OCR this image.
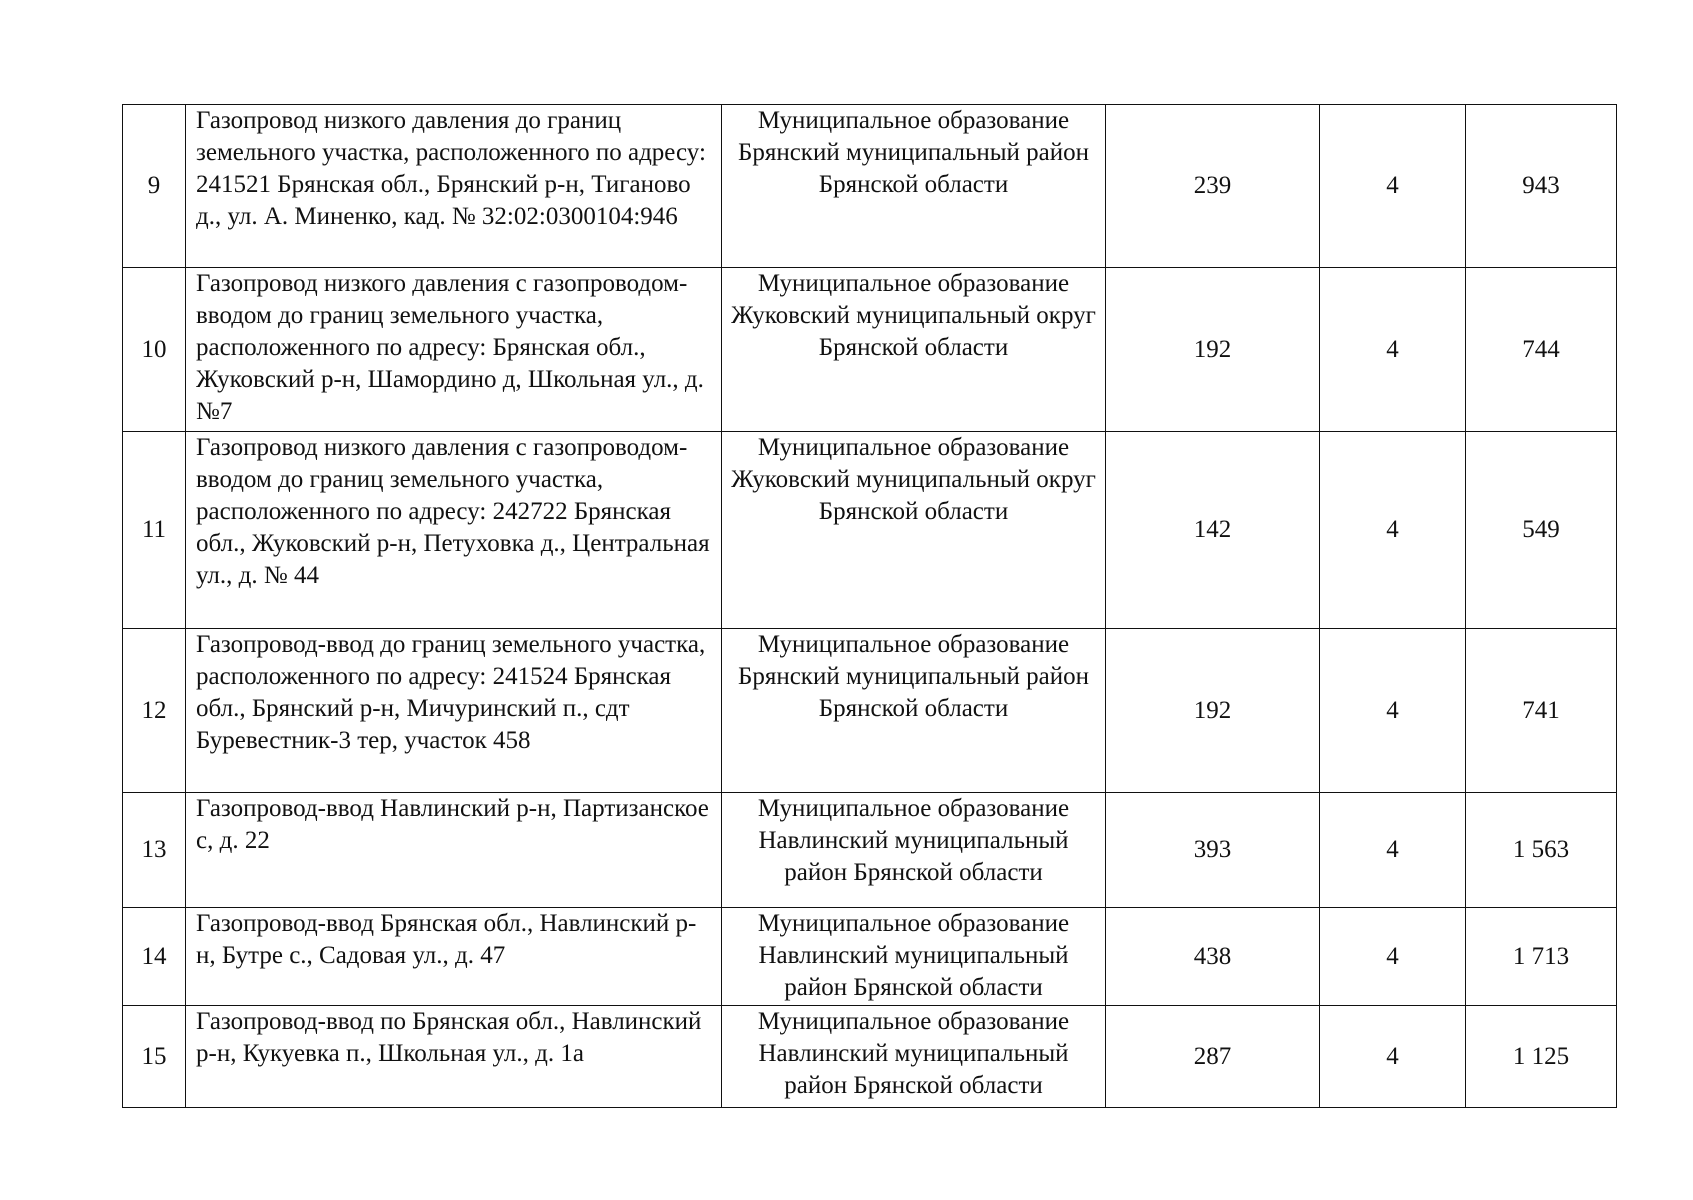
9	Газопровод низкого давления до границ земельного участка, расположенного по адресу: 241521 Брянская обл., Брянский р-н, Тиганово д., ул. А. Миненко, кад. № 32:02:0300104:946	Муниципальное образование Брянский муниципальный район Брянской области	239	4	943
10	Газопровод низкого давления с газопроводом-вводом до границ земельного участка, расположенного по адресу: Брянская обл., Жуковский р-н, Шамордино д, Школьная ул., д. №7	Муниципальное образование Жуковский муниципальный округ Брянской области	192	4	744
11	Газопровод низкого давления с газопроводом-вводом до границ земельного участка, расположенного по адресу: 242722 Брянская обл., Жуковский р-н, Петуховка д., Центральная ул., д. № 44	Муниципальное образование Жуковский муниципальный округ Брянской области	142	4	549
12	Газопровод-ввод до границ земельного участка, расположенного по адресу: 241524 Брянская обл., Брянский р-н, Мичуринский п., сдт Буревестник-3 тер, участок 458	Муниципальное образование Брянский муниципальный район Брянской области	192	4	741
13	Газопровод-ввод Навлинский р-н, Партизанское с, д. 22	Муниципальное образование Навлинский муниципальный район Брянской области	393	4	1 563
14	Газопровод-ввод Брянская обл., Навлинский р-н, Бутре с., Садовая ул., д. 47	Муниципальное образование Навлинский муниципальный район Брянской области	438	4	1 713
15	Газопровод-ввод по Брянская обл., Навлинский р-н, Кукуевка п., Школьная ул., д. 1а	Муниципальное образование Навлинский муниципальный район Брянской области	287	4	1 125
